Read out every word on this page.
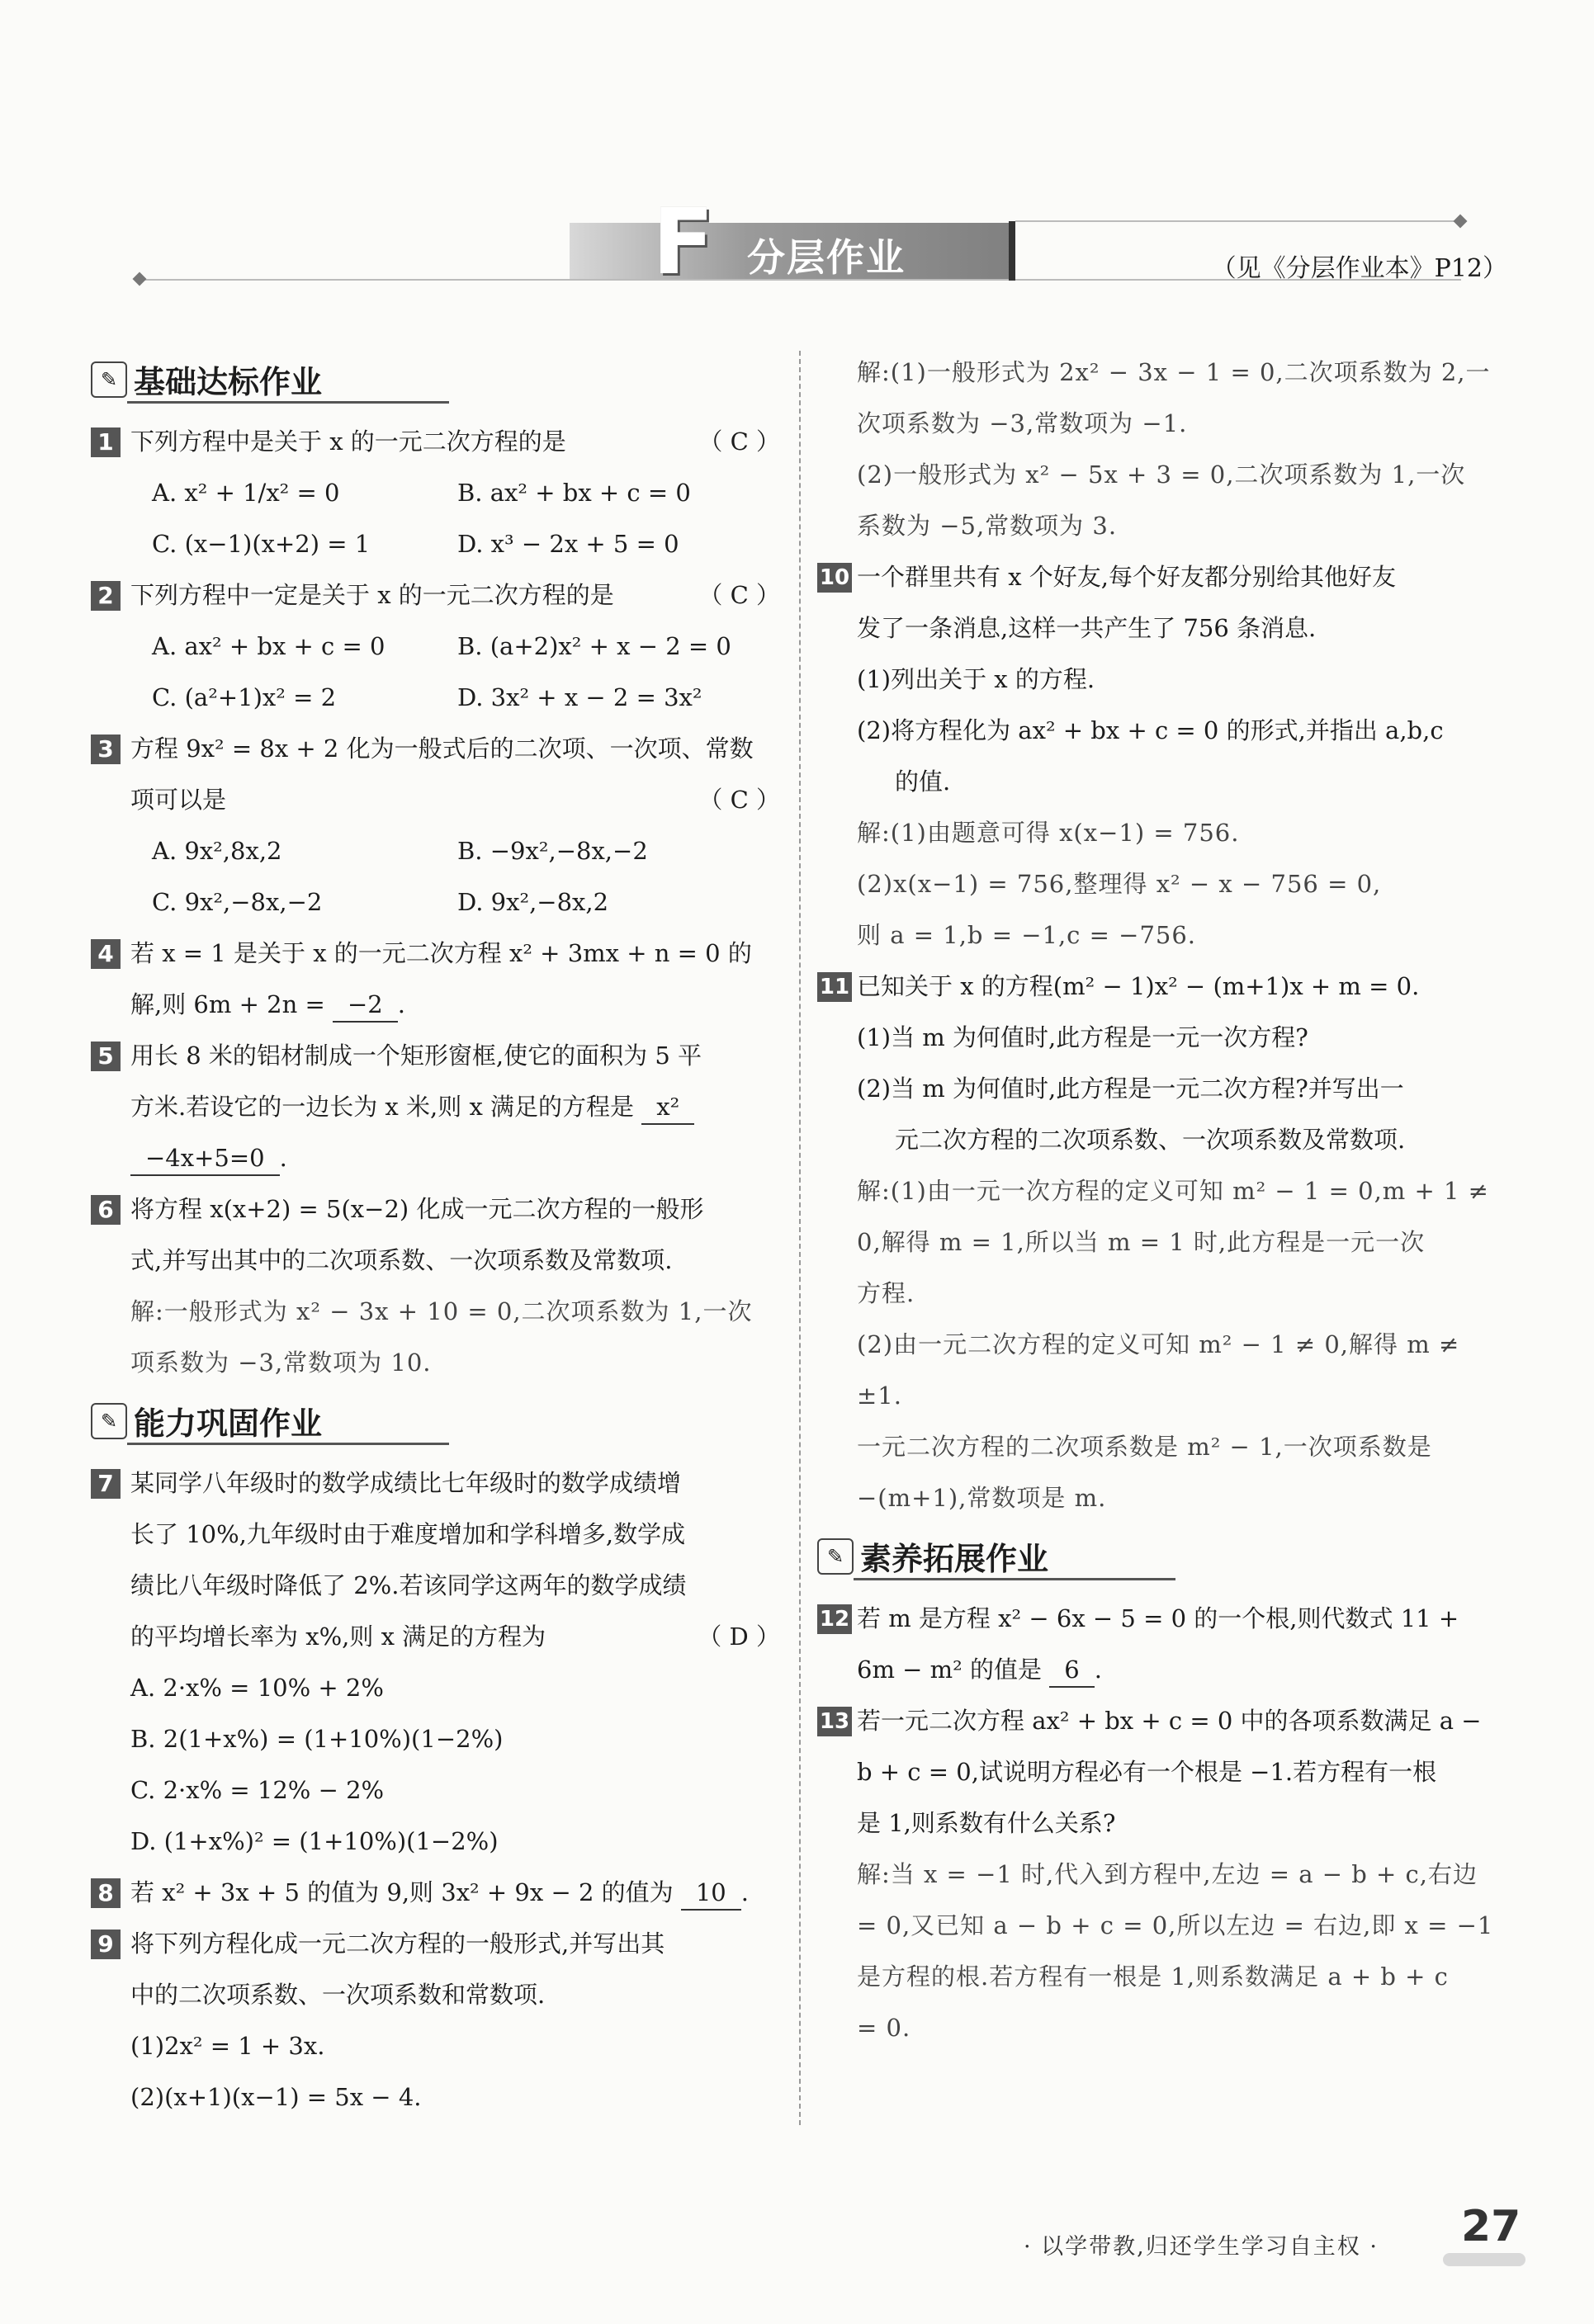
F 分层作业	（见《分层作业本》P12）
✎ 基础达标作业
1 下列方程中是关于 x 的一元二次方程的是	（ C ）
A. x² + 1/x² = 0	B. ax² + bx + c = 0
C. (x−1)(x+2) = 1	D. x³ − 2x + 5 = 0
2 下列方程中一定是关于 x 的一元二次方程的是	（ C ）
A. ax² + bx + c = 0	B. (a+2)x² + x − 2 = 0
C. (a²+1)x² = 2	D. 3x² + x − 2 = 3x²
3 方程 9x² = 8x + 2 化为一般式后的二次项、一次项、常数
项可以是	（ C ）
A. 9x²,8x,2	B. −9x²,−8x,−2
C. 9x²,−8x,−2	D. 9x²,−8x,2
4 若 x = 1 是关于 x 的一元二次方程 x² + 3mx + n = 0 的
解,则 6m + 2n = −2 .
5 用长 8 米的铝材制成一个矩形窗框,使它的面积为 5 平
方米.若设它的一边长为 x 米,则 x 满足的方程是 x²
−4x+5=0 .
6 将方程 x(x+2) = 5(x−2) 化成一元二次方程的一般形
式,并写出其中的二次项系数、一次项系数及常数项.
解:一般形式为 x² − 3x + 10 = 0,二次项系数为 1,一次
项系数为 −3,常数项为 10.
✎ 能力巩固作业
7 某同学八年级时的数学成绩比七年级时的数学成绩增
长了 10%,九年级时由于难度增加和学科增多,数学成
绩比八年级时降低了 2%.若该同学这两年的数学成绩
的平均增长率为 x%,则 x 满足的方程为	（ D ）
A. 2·x% = 10% + 2%
B. 2(1+x%) = (1+10%)(1−2%)
C. 2·x% = 12% − 2%
D. (1+x%)² = (1+10%)(1−2%)
8 若 x² + 3x + 5 的值为 9,则 3x² + 9x − 2 的值为 10 .
9 将下列方程化成一元二次方程的一般形式,并写出其
中的二次项系数、一次项系数和常数项.
(1)2x² = 1 + 3x.
(2)(x+1)(x−1) = 5x − 4.
解:(1)一般形式为 2x² − 3x − 1 = 0,二次项系数为 2,一
次项系数为 −3,常数项为 −1.
(2)一般形式为 x² − 5x + 3 = 0,二次项系数为 1,一次
系数为 −5,常数项为 3.
10 一个群里共有 x 个好友,每个好友都分别给其他好友
发了一条消息,这样一共产生了 756 条消息.
(1)列出关于 x 的方程.
(2)将方程化为 ax² + bx + c = 0 的形式,并指出 a,b,c
的值.
解:(1)由题意可得 x(x−1) = 756.
(2)x(x−1) = 756,整理得 x² − x − 756 = 0,
则 a = 1,b = −1,c = −756.
11 已知关于 x 的方程(m² − 1)x² − (m+1)x + m = 0.
(1)当 m 为何值时,此方程是一元一次方程?
(2)当 m 为何值时,此方程是一元二次方程?并写出一
元二次方程的二次项系数、一次项系数及常数项.
解:(1)由一元一次方程的定义可知 m² − 1 = 0,m + 1 ≠
0,解得 m = 1,所以当 m = 1 时,此方程是一元一次
方程.
(2)由一元二次方程的定义可知 m² − 1 ≠ 0,解得 m ≠
±1.
一元二次方程的二次项系数是 m² − 1,一次项系数是
−(m+1),常数项是 m.
✎ 素养拓展作业
12 若 m 是方程 x² − 6x − 5 = 0 的一个根,则代数式 11 +
6m − m² 的值是 6 .
13 若一元二次方程 ax² + bx + c = 0 中的各项系数满足 a −
b + c = 0,试说明方程必有一个根是 −1.若方程有一根
是 1,则系数有什么关系?
解:当 x = −1 时,代入到方程中,左边 = a − b + c,右边
= 0,又已知 a − b + c = 0,所以左边 = 右边,即 x = −1
是方程的根.若方程有一根是 1,则系数满足 a + b + c
= 0.
· 以学带教,归还学生学习自主权 · 27
